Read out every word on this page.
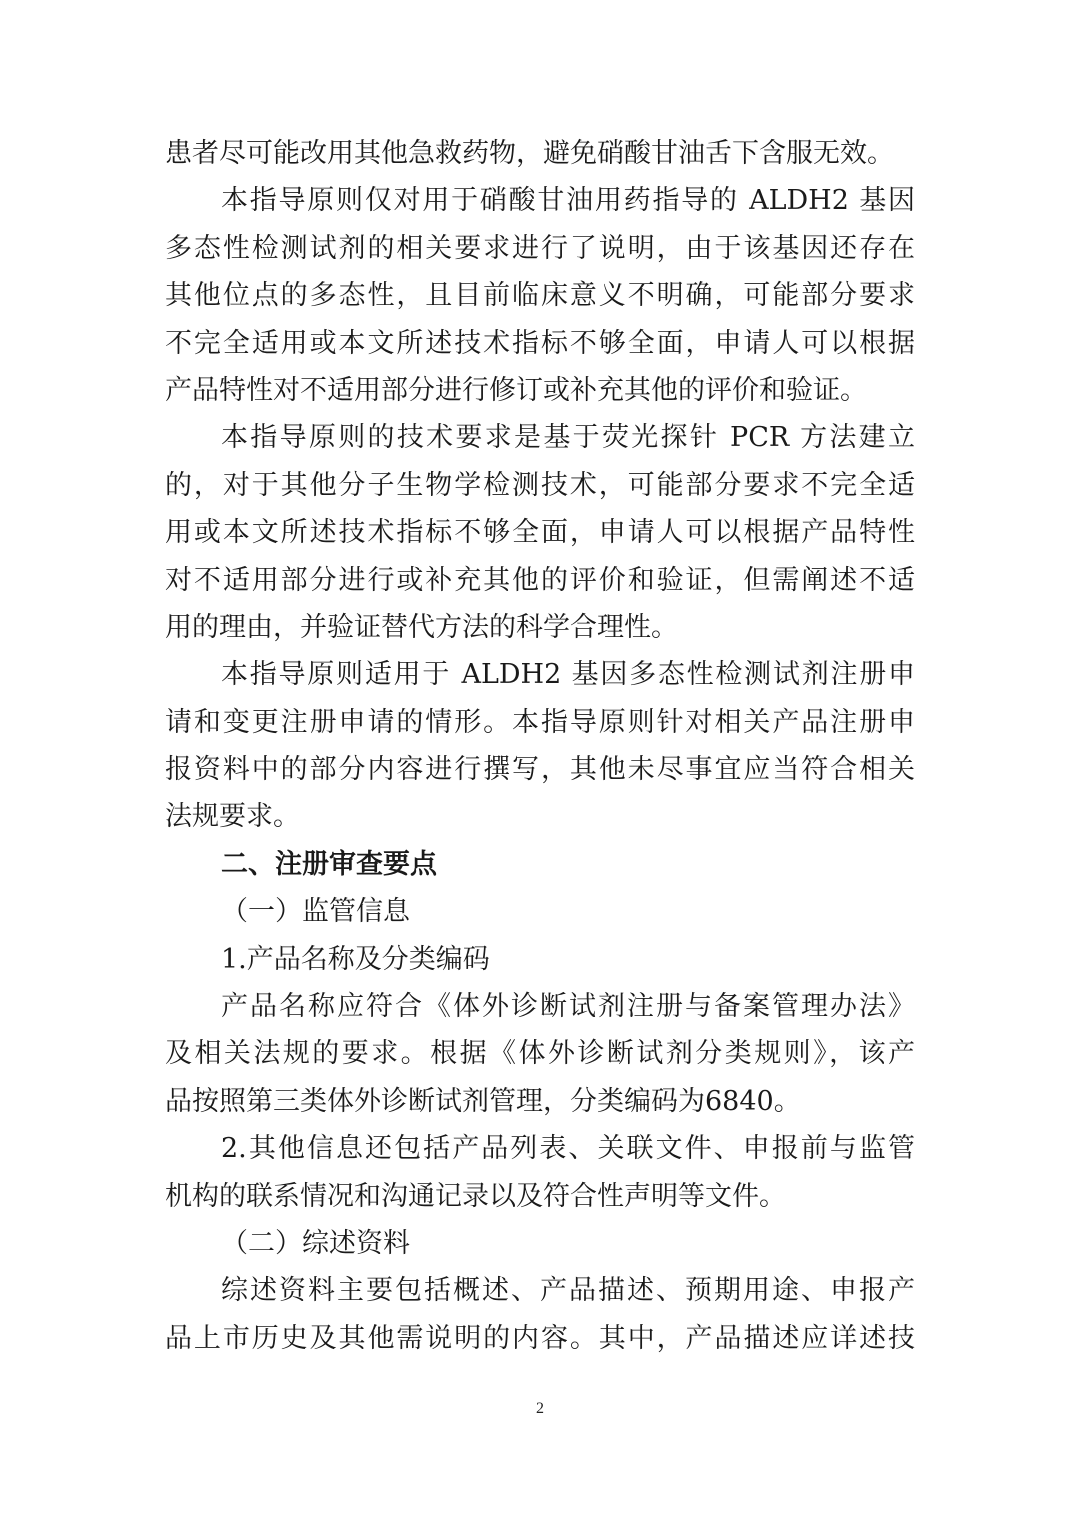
患者尽可能改用其他急救药物，避免硝酸甘油舌下含服无效。
本指导原则仅对用于硝酸甘油用药指导的 ALDH2 基因
多态性检测试剂的相关要求进行了说明，由于该基因还存在
其他位点的多态性，且目前临床意义不明确，可能部分要求
不完全适用或本文所述技术指标不够全面，申请人可以根据
产品特性对不适用部分进行修订或补充其他的评价和验证。
本指导原则的技术要求是基于荧光探针 PCR 方法建立
的，对于其他分子生物学检测技术，可能部分要求不完全适
用或本文所述技术指标不够全面，申请人可以根据产品特性
对不适用部分进行或补充其他的评价和验证，但需阐述不适
用的理由，并验证替代方法的科学合理性。
本指导原则适用于 ALDH2 基因多态性检测试剂注册申
请和变更注册申请的情形。本指导原则针对相关产品注册申
报资料中的部分内容进行撰写，其他未尽事宜应当符合相关
法规要求。
二、注册审查要点
（一）监管信息
1.产品名称及分类编码
产品名称应符合《体外诊断试剂注册与备案管理办法》
及相关法规的要求。根据《体外诊断试剂分类规则》，该产
品按照第三类体外诊断试剂管理，分类编码为6840。
2.其他信息还包括产品列表、关联文件、申报前与监管
机构的联系情况和沟通记录以及符合性声明等文件。
（二）综述资料
综述资料主要包括概述、产品描述、预期用途、申报产
品上市历史及其他需说明的内容。其中，产品描述应详述技
2
